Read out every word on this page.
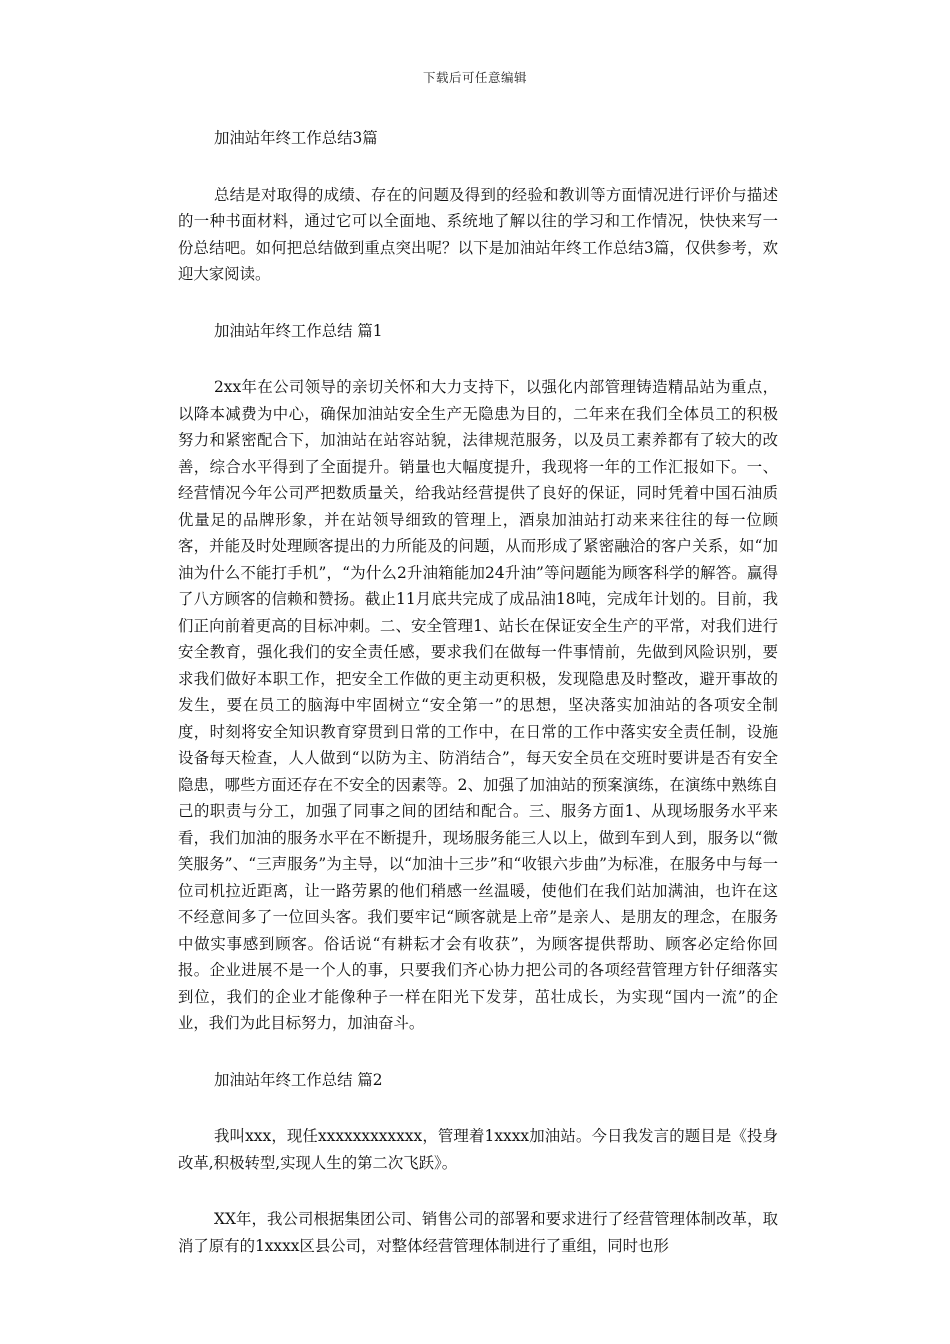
下载后可任意编辑

加油站年终工作总结3篇

总结是对取得的成绩、存在的问题及得到的经验和教训等方面情况进行评价与描述的一种书面材料，通过它可以全面地、系统地了解以往的学习和工作情况，快快来写一份总结吧。如何把总结做到重点突出呢？以下是加油站年终工作总结3篇，仅供参考，欢迎大家阅读。

加油站年终工作总结 篇1

2xx年在公司领导的亲切关怀和大力支持下，以强化内部管理铸造精品站为重点，以降本减费为中心，确保加油站安全生产无隐患为目的，二年来在我们全体员工的积极努力和紧密配合下，加油站在站容站貌，法律规范服务，以及员工素养都有了较大的改善，综合水平得到了全面提升。销量也大幅度提升，我现将一年的工作汇报如下。一、经营情况今年公司严把数质量关，给我站经营提供了良好的保证，同时凭着中国石油质优量足的品牌形象，并在站领导细致的管理上，酒泉加油站打动来来往往的每一位顾客，并能及时处理顾客提出的力所能及的问题，从而形成了紧密融洽的客户关系，如“加油为什么不能打手机”，“为什么2升油箱能加24升油”等问题能为顾客科学的解答。赢得了八方顾客的信赖和赞扬。截止11月底共完成了成品油18吨，完成年计划的。目前，我们正向前着更高的目标冲刺。二、安全管理1、站长在保证安全生产的平常，对我们进行安全教育，强化我们的安全责任感，要求我们在做每一件事情前，先做到风险识别，要求我们做好本职工作，把安全工作做的更主动更积极，发现隐患及时整改，避开事故的发生，要在员工的脑海中牢固树立“安全第一”的思想，坚决落实加油站的各项安全制度，时刻将安全知识教育穿贯到日常的工作中，在日常的工作中落实安全责任制，设施设备每天检查，人人做到“以防为主、防消结合”，每天安全员在交班时要讲是否有安全隐患，哪些方面还存在不安全的因素等。2、加强了加油站的预案演练，在演练中熟练自己的职责与分工，加强了同事之间的团结和配合。三、服务方面1、从现场服务水平来看，我们加油的服务水平在不断提升，现场服务能三人以上，做到车到人到，服务以“微笑服务”、“三声服务”为主导，以“加油十三步”和“收银六步曲”为标准，在服务中与每一位司机拉近距离，让一路劳累的他们稍感一丝温暖，使他们在我们站加满油，也许在这不经意间多了一位回头客。我们要牢记“顾客就是上帝”是亲人、是朋友的理念，在服务中做实事感到顾客。俗话说“有耕耘才会有收获”，为顾客提供帮助、顾客必定给你回报。企业进展不是一个人的事，只要我们齐心协力把公司的各项经营管理方针仔细落实到位，我们的企业才能像种子一样在阳光下发芽，茁壮成长，为实现“国内一流”的企业，我们为此目标努力，加油奋斗。

加油站年终工作总结 篇2

我叫xxx，现任xxxxxxxxxxxx，管理着1xxxx加油站。今日我发言的题目是《投身改革,积极转型,实现人生的第二次飞跃》。

XX年，我公司根据集团公司、销售公司的部署和要求进行了经营管理体制改革，取消了原有的1xxxx区县公司，对整体经营管理体制进行了重组，同时也形
